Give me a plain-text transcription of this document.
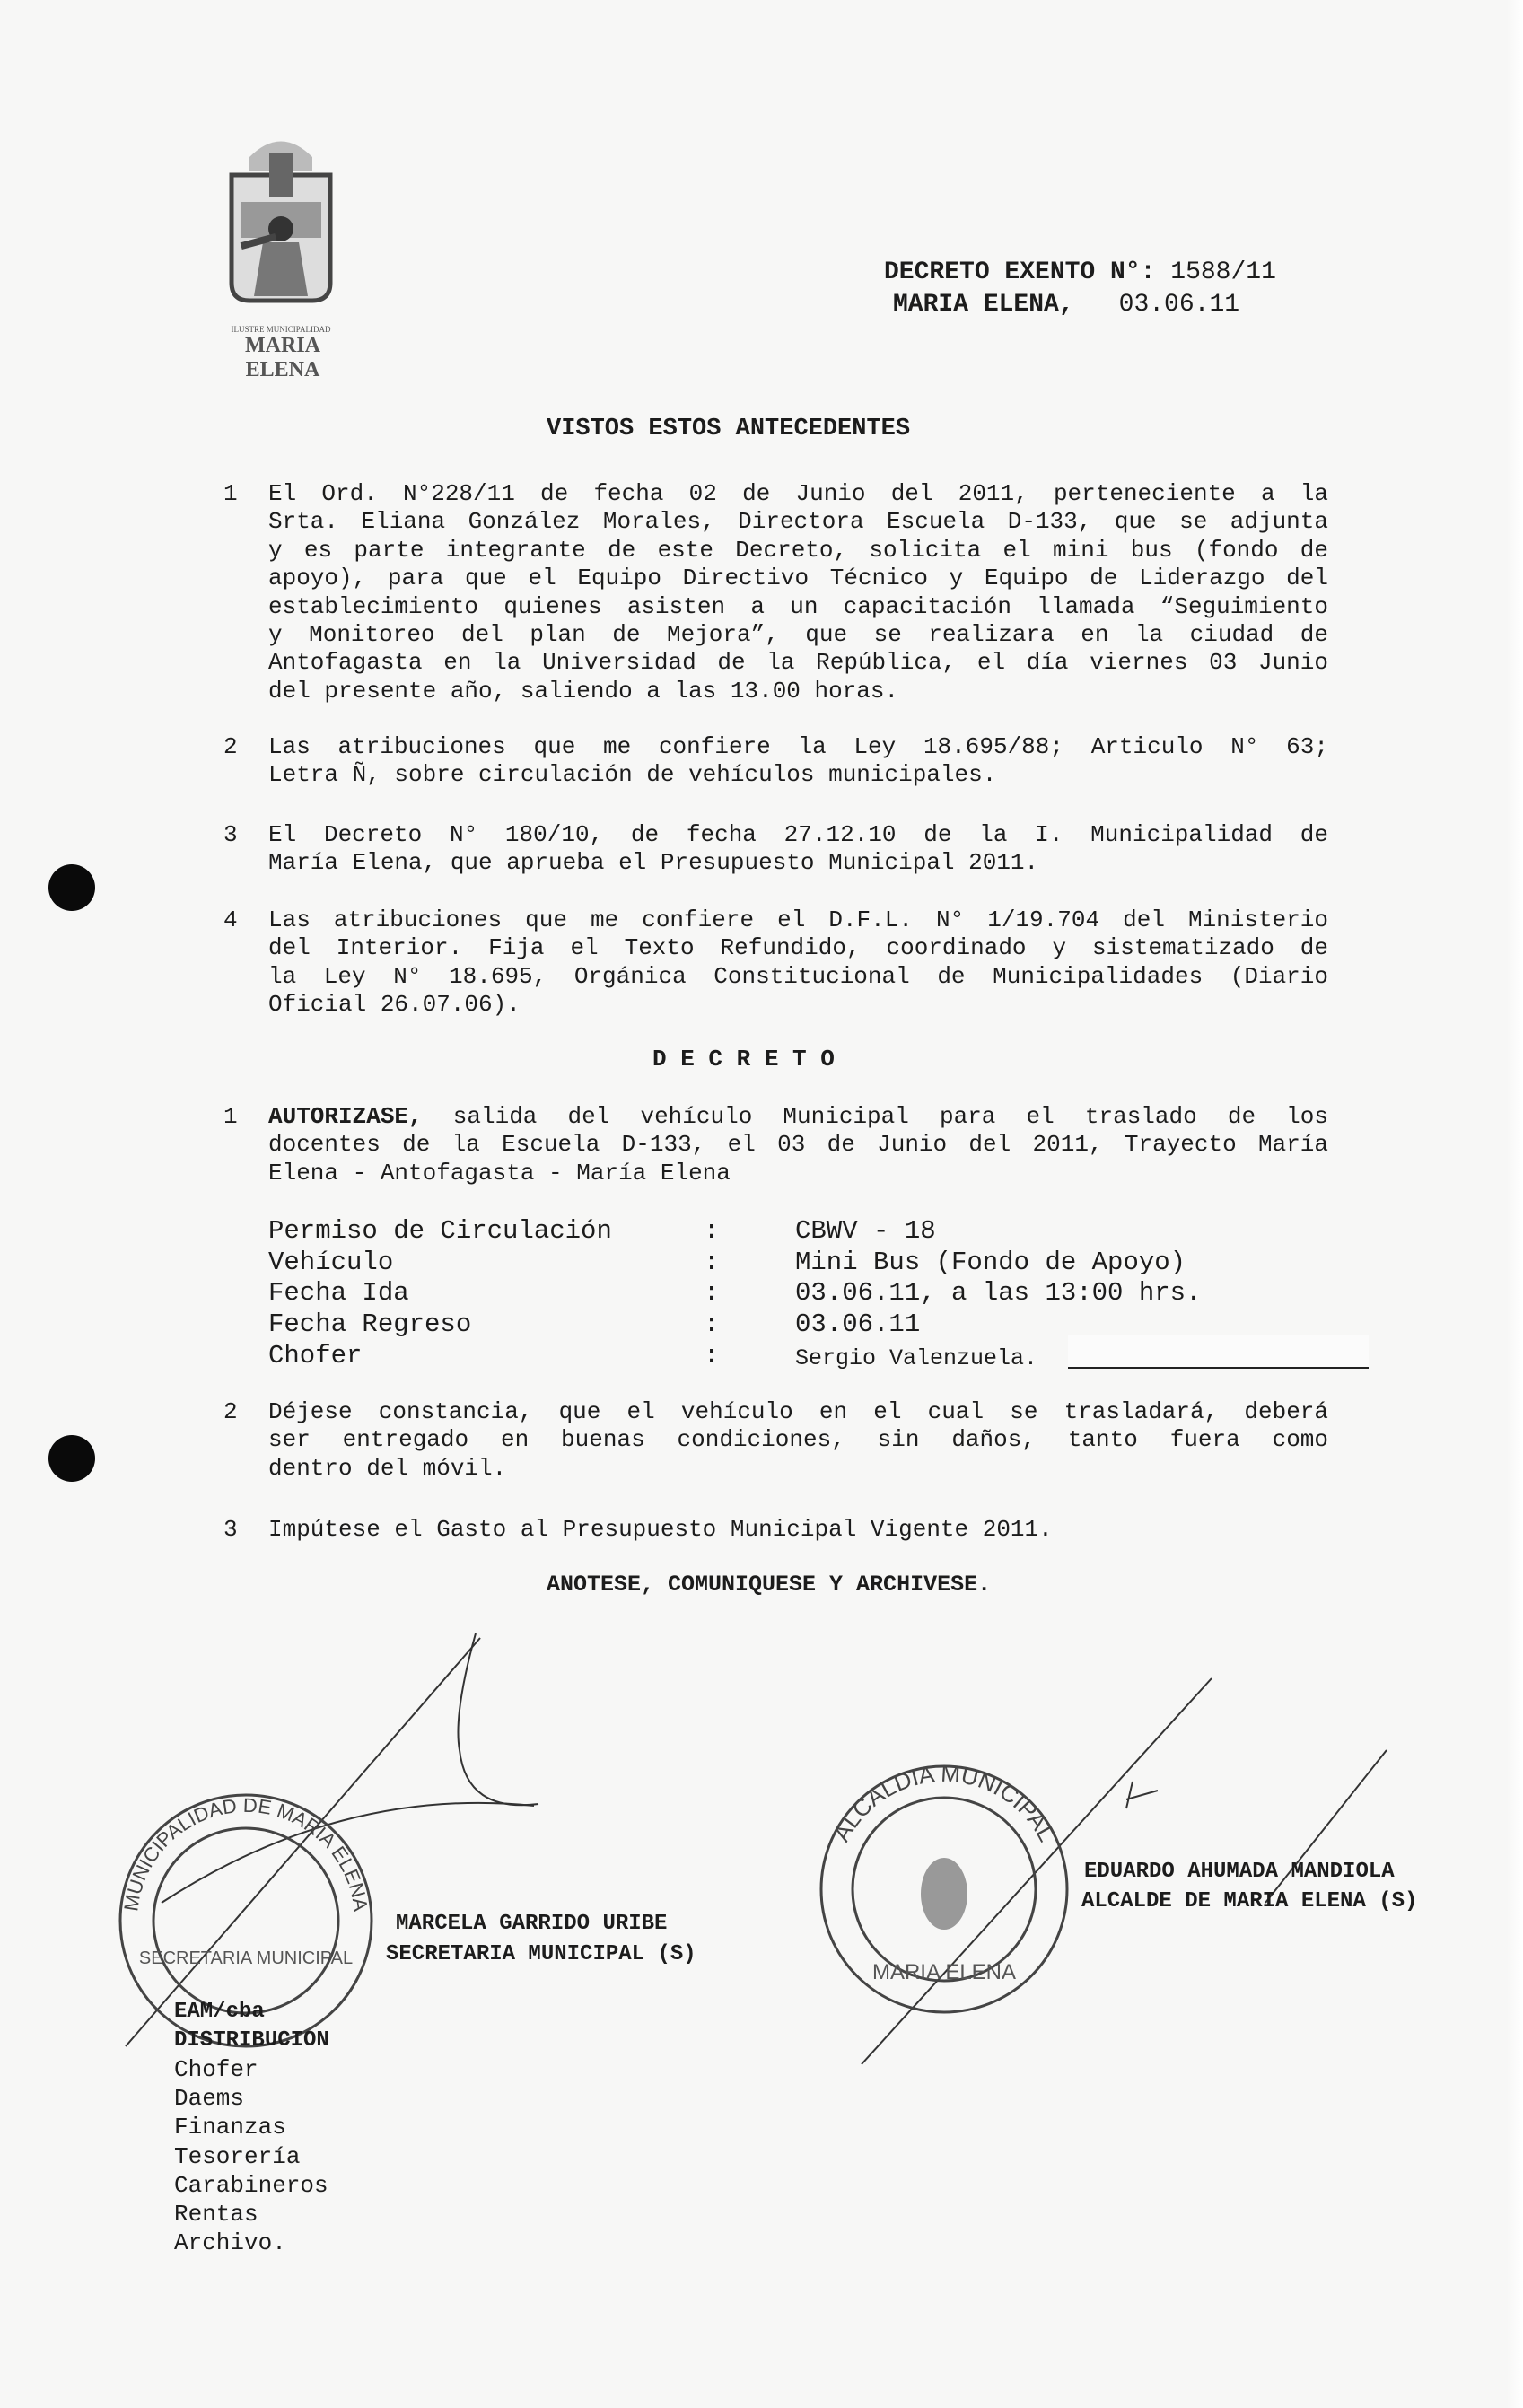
ILUSTRE MUNICIPALIDAD
MARIA ELENA
DECRETO EXENTO N°: 1588/11
MARIA ELENA, 03.06.11
VISTOS ESTOS ANTECEDENTES
1 El Ord. N°228/11 de fecha 02 de Junio del 2011, perteneciente a la
Srta. Eliana González Morales, Directora Escuela D-133, que se adjunta
y es parte integrante de este Decreto, solicita el mini bus (fondo de
apoyo), para que el Equipo Directivo Técnico y Equipo de Liderazgo del
establecimiento quienes asisten a un capacitación llamada “Seguimiento
y Monitoreo del plan de Mejora”, que se realizara en la ciudad de
Antofagasta en la Universidad de la República, el día viernes 03 Junio
del presente año, saliendo a las 13.00 horas.
2 Las atribuciones que me confiere la Ley 18.695/88; Articulo N° 63;
Letra Ñ, sobre circulación de vehículos municipales.
3 El Decreto N° 180/10, de fecha 27.12.10 de la I. Municipalidad de
María Elena, que aprueba el Presupuesto Municipal 2011.
4 Las atribuciones que me confiere el D.F.L. N° 1/19.704 del Ministerio
del Interior. Fija el Texto Refundido, coordinado y sistematizado de
la Ley N° 18.695, Orgánica Constitucional de Municipalidades (Diario
Oficial 26.07.06).
D E C R E T O
1 AUTORIZASE, salida del vehículo Municipal para el traslado de los
docentes de la Escuela D-133, el 03 de Junio del 2011, Trayecto María
Elena - Antofagasta - María Elena
Permiso de Circulación	:	CBWV - 18
Vehículo	:	Mini Bus (Fondo de Apoyo)
Fecha Ida	:	03.06.11, a las 13:00 hrs.
Fecha Regreso	:	03.06.11
Chofer	:	Sergio Valenzuela.
2 Déjese constancia, que el vehículo en el cual se trasladará, deberá
ser entregado en buenas condiciones, sin daños, tanto fuera como
dentro del móvil.
3 Impútese el Gasto al Presupuesto Municipal Vigente 2011.
ANOTESE, COMUNIQUESE Y ARCHIVESE.
MUNICIPALIDAD DE MARIA ELENA
ALCALDIA MUNICIPAL
SECRETARIA MUNICIPAL
MARIA ELENA
MARCELA GARRIDO URIBE
SECRETARIA MUNICIPAL (S)
EDUARDO AHUMADA MANDIOLA
ALCALDE DE MARIA ELENA (S)
EAM/cba
DISTRIBUCION
Chofer
Daems
Finanzas
Tesorería
Carabineros
Rentas
Archivo.
